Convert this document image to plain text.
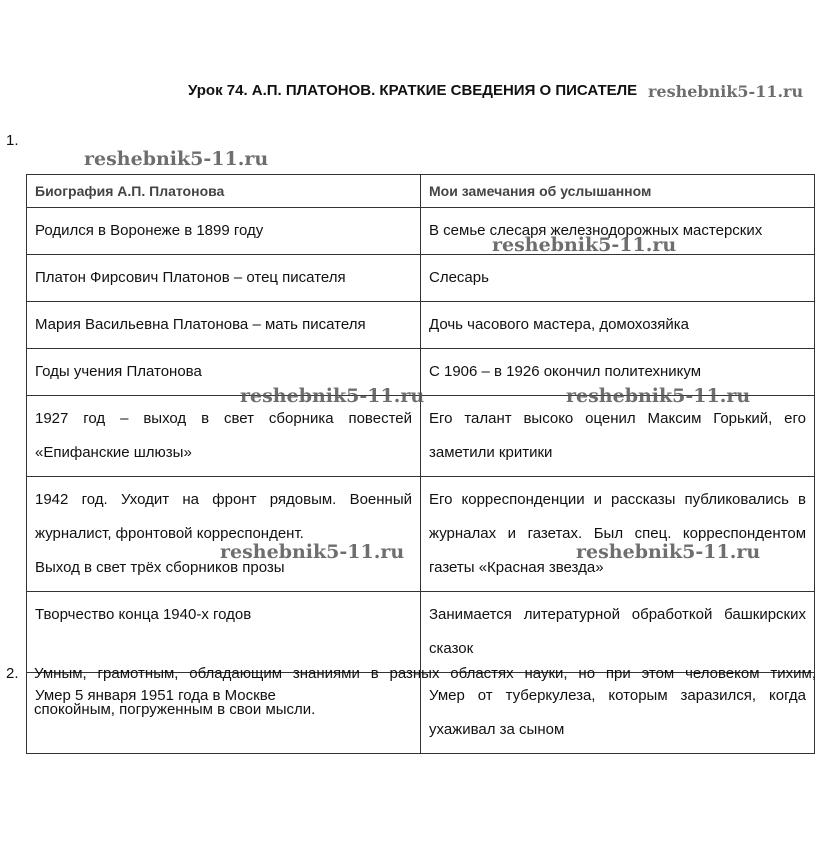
Урок 74. А.П. ПЛАТОНОВ. КРАТКИЕ СВЕДЕНИЯ О ПИСАТЕЛЕ
1.
Биография А.П. Платонова	Мои замечания об услышанном
Родился в Воронеже в 1899 году	В семье слесаря железнодорожных мастерских
Платон Фирсович Платонов – отец писателя	Слесарь
Мария Васильевна Платонова – мать писателя	Дочь часового мастера, домохозяйка
Годы учения Платонова	С 1906 – в 1926 окончил политехникум
1927 год – выход в свет сборника повестей «Епифанские шлюзы»	Его талант высоко оценил Максим Горький, его заметили критики

1942 год. Уходит на фронт рядовым. Военный журналист, фронтовой корреспондент.
Выход в свет трёх сборников прозы	Его корреспонденции и рассказы публиковались в журналах и газетах. Был спец. корреспондентом газеты «Красная звезда»
Творчество конца 1940-х годов	Занимается литературной обработкой башкирских сказок
Умер 5 января 1951 года в Москве	Умер от туберкулеза, которым заразился, когда ухаживал за сыном
2. Умным, грамотным, обладающим знаниями в разных областях науки, но при этом человеком тихим, спокойным, погруженным в свои мысли.
reshebnik5-11.ru
reshebnik5-11.ru
reshebnik5-11.ru
reshebnik5-11.ru	reshebnik5-11.ru
reshebnik5-11.ru	reshebnik5-11.ru
